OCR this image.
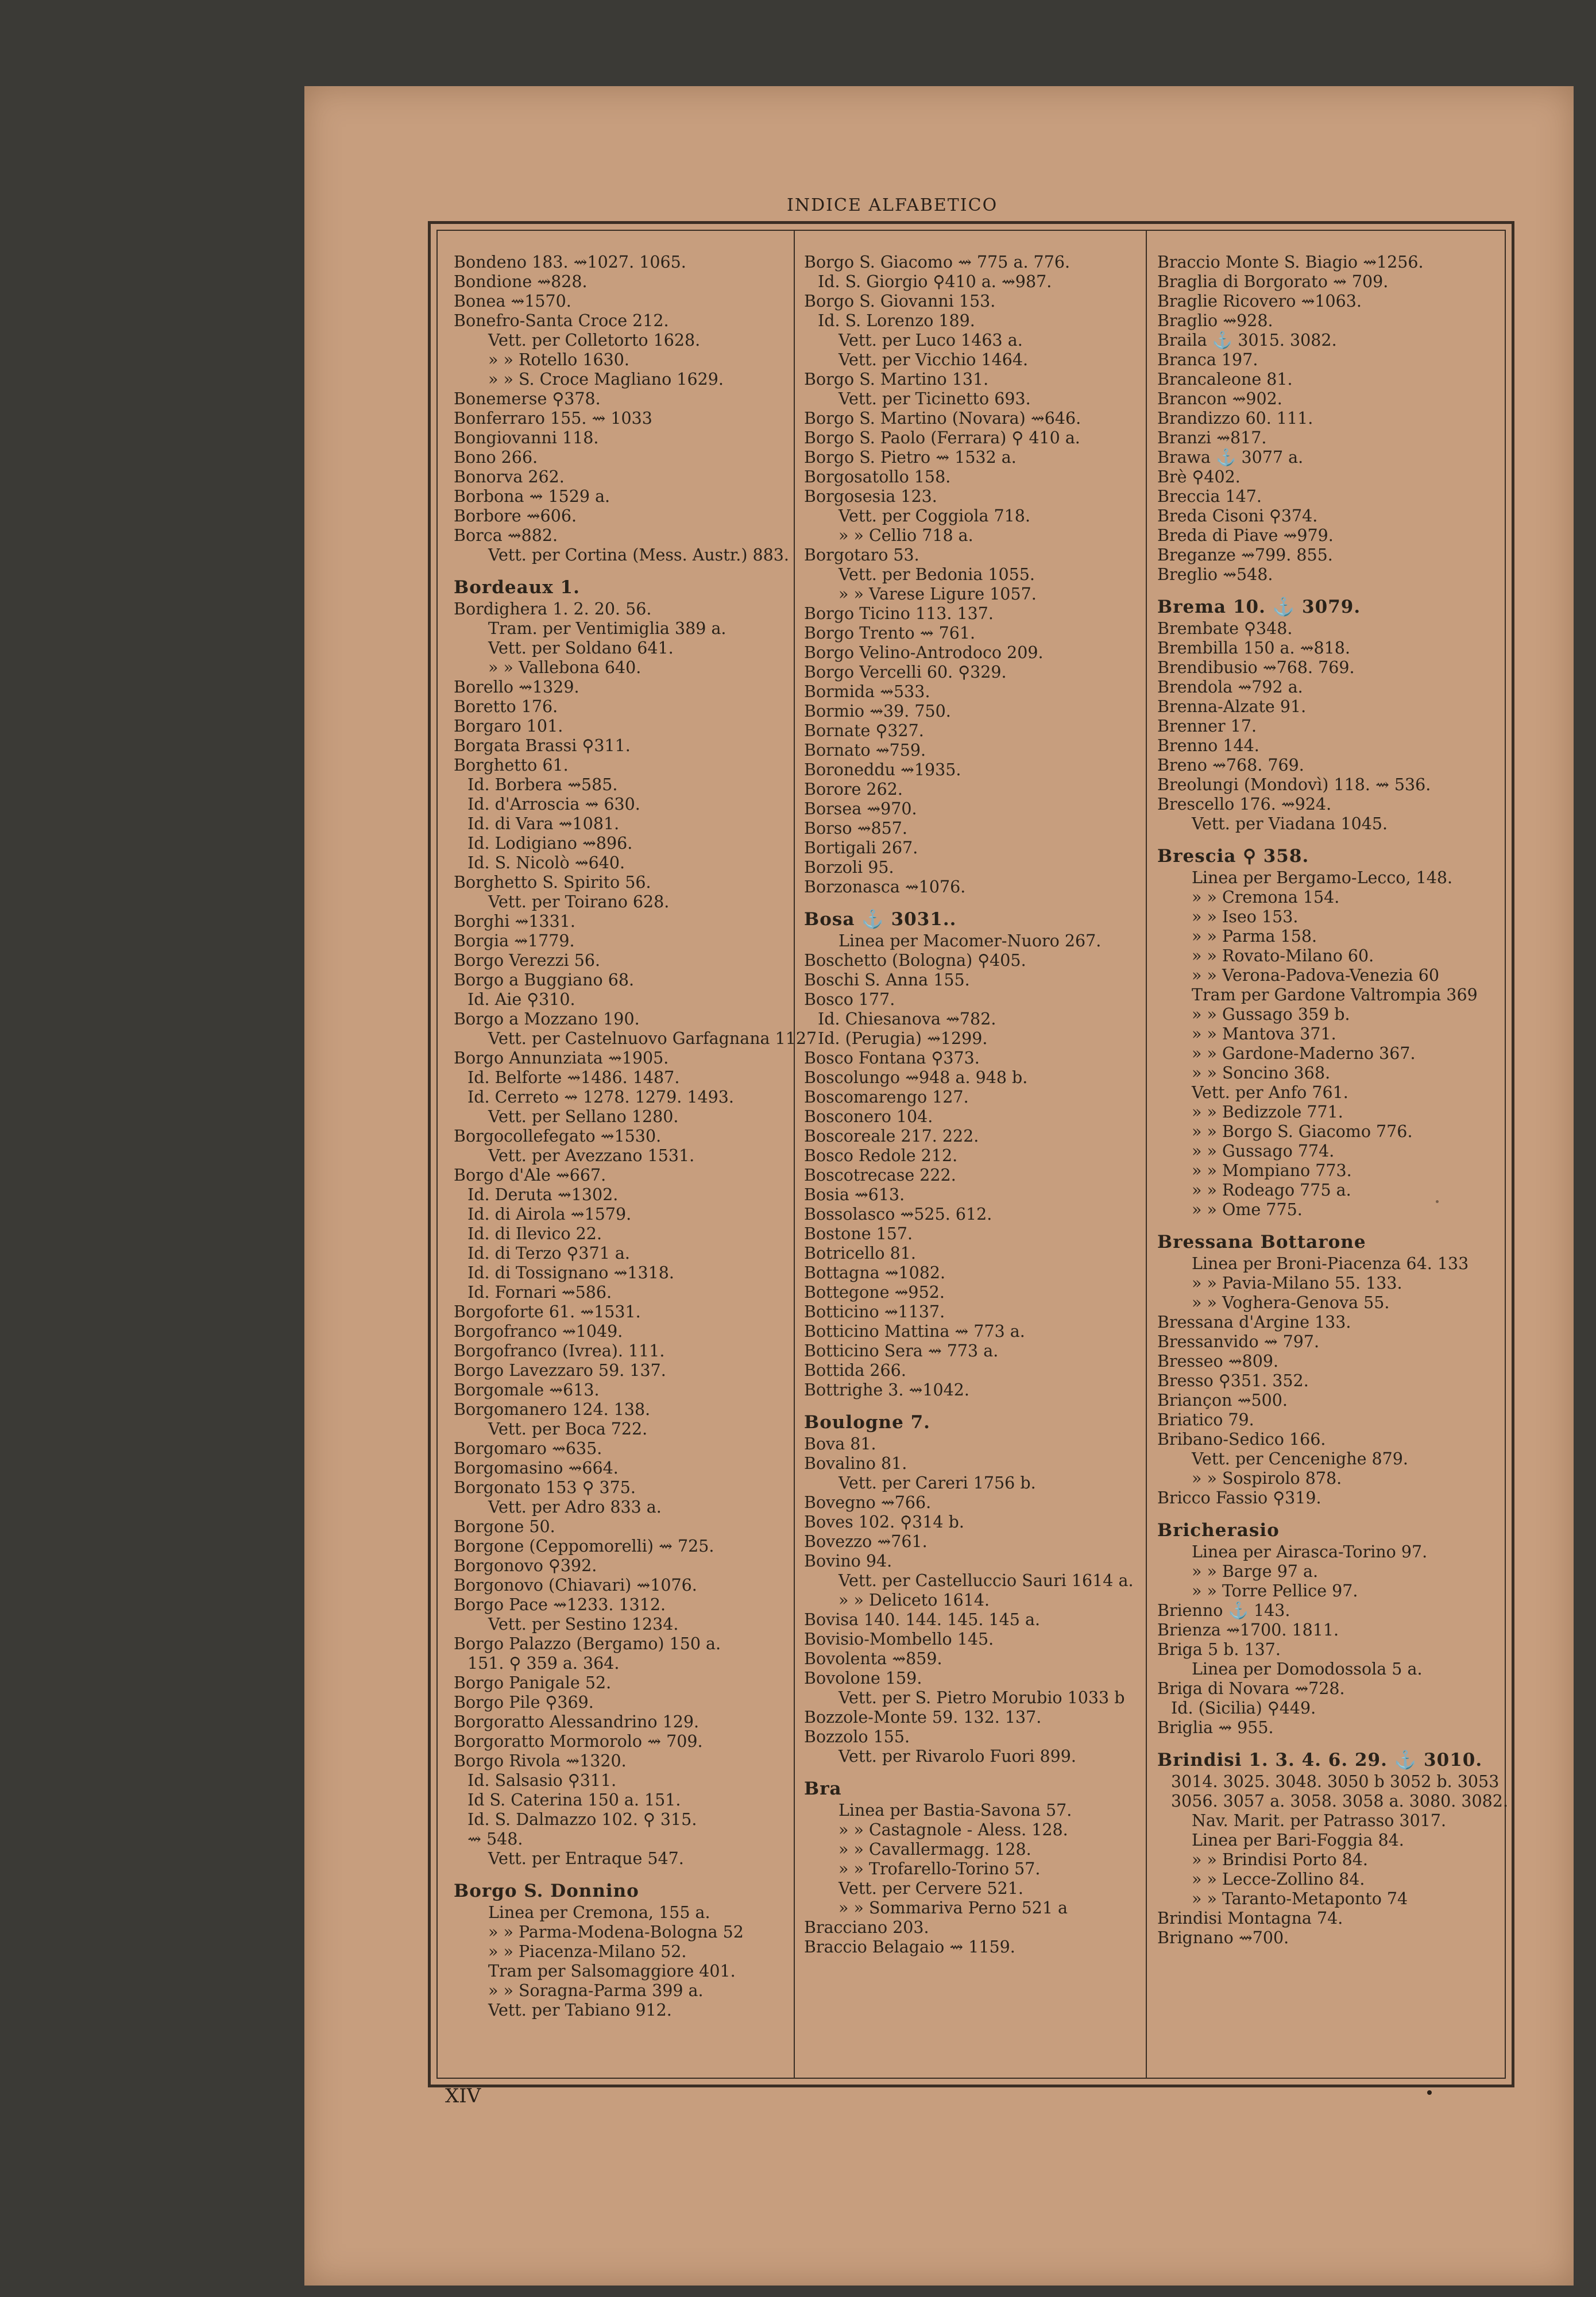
INDICE ALFABETICO
Bondeno 183. ⇝1027. 1065.
Bondione ⇝828.
Bonea ⇝1570.
Bonefro-Santa Croce 212.
Vett. per Colletorto 1628.
» » Rotello 1630.
» » S. Croce Magliano 1629.
Bonemerse ⚲378.
Bonferraro 155. ⇝ 1033
Bongiovanni 118.
Bono 266.
Bonorva 262.
Borbona ⇝ 1529 a.
Borbore ⇝606.
Borca ⇝882.
Vett. per Cortina (Mess. Austr.) 883.
Bordeaux 1.
Bordighera 1. 2. 20. 56.
Tram. per Ventimiglia 389 a.
Vett. per Soldano 641.
» » Vallebona 640.
Borello ⇝1329.
Boretto 176.
Borgaro 101.
Borgata Brassi ⚲311.
Borghetto 61.
Id. Borbera ⇝585.
Id. d'Arroscia ⇝ 630.
Id. di Vara ⇝1081.
Id. Lodigiano ⇝896.
Id. S. Nicolò ⇝640.
Borghetto S. Spirito 56.
Vett. per Toirano 628.
Borghi ⇝1331.
Borgia ⇝1779.
Borgo Verezzi 56.
Borgo a Buggiano 68.
Id. Aie ⚲310.
Borgo a Mozzano 190.
Vett. per Castelnuovo Garfagnana 1127
Borgo Annunziata ⇝1905.
Id. Belforte ⇝1486. 1487.
Id. Cerreto ⇝ 1278. 1279. 1493.
Vett. per Sellano 1280.
Borgocollefegato ⇝1530.
Vett. per Avezzano 1531.
Borgo d'Ale ⇝667.
Id. Deruta ⇝1302.
Id. di Airola ⇝1579.
Id. di Ilevico 22.
Id. di Terzo ⚲371 a.
Id. di Tossignano ⇝1318.
Id. Fornari ⇝586.
Borgoforte 61. ⇝1531.
Borgofranco ⇝1049.
Borgofranco (Ivrea). 111.
Borgo Lavezzaro 59. 137.
Borgomale ⇝613.
Borgomanero 124. 138.
Vett. per Boca 722.
Borgomaro ⇝635.
Borgomasino ⇝664.
Borgonato 153 ⚲ 375.
Vett. per Adro 833 a.
Borgone 50.
Borgone (Ceppomorelli) ⇝ 725.
Borgonovo ⚲392.
Borgonovo (Chiavari) ⇝1076.
Borgo Pace ⇝1233. 1312.
Vett. per Sestino 1234.
Borgo Palazzo (Bergamo) 150 a.
151. ⚲ 359 a. 364.
Borgo Panigale 52.
Borgo Pile ⚲369.
Borgoratto Alessandrino 129.
Borgoratto Mormorolo ⇝ 709.
Borgo Rivola ⇝1320.
Id. Salsasio ⚲311.
Id S. Caterina 150 a. 151.
Id. S. Dalmazzo 102. ⚲ 315.
⇝ 548.
Vett. per Entraque 547.
Borgo S. Donnino
Linea per Cremona, 155 a.
» » Parma-Modena-Bologna 52
» » Piacenza-Milano 52.
Tram per Salsomaggiore 401.
» » Soragna-Parma 399 a.
Vett. per Tabiano 912.
Borgo S. Giacomo ⇝ 775 a. 776.
Id. S. Giorgio ⚲410 a. ⇝987.
Borgo S. Giovanni 153.
Id. S. Lorenzo 189.
Vett. per Luco 1463 a.
Vett. per Vicchio 1464.
Borgo S. Martino 131.
Vett. per Ticinetto 693.
Borgo S. Martino (Novara) ⇝646.
Borgo S. Paolo (Ferrara) ⚲ 410 a.
Borgo S. Pietro ⇝ 1532 a.
Borgosatollo 158.
Borgosesia 123.
Vett. per Coggiola 718.
» » Cellio 718 a.
Borgotaro 53.
Vett. per Bedonia 1055.
» » Varese Ligure 1057.
Borgo Ticino 113. 137.
Borgo Trento ⇝ 761.
Borgo Velino-Antrodoco 209.
Borgo Vercelli 60. ⚲329.
Bormida ⇝533.
Bormio ⇝39. 750.
Bornate ⚲327.
Bornato ⇝759.
Boroneddu ⇝1935.
Borore 262.
Borsea ⇝970.
Borso ⇝857.
Bortigali 267.
Borzoli 95.
Borzonasca ⇝1076.
Bosa ⚓ 3031..
Linea per Macomer-Nuoro 267.
Boschetto (Bologna) ⚲405.
Boschi S. Anna 155.
Bosco 177.
Id. Chiesanova ⇝782.
Id. (Perugia) ⇝1299.
Bosco Fontana ⚲373.
Boscolungo ⇝948 a. 948 b.
Boscomarengo 127.
Bosconero 104.
Boscoreale 217. 222.
Bosco Redole 212.
Boscotrecase 222.
Bosia ⇝613.
Bossolasco ⇝525. 612.
Bostone 157.
Botricello 81.
Bottagna ⇝1082.
Bottegone ⇝952.
Botticino ⇝1137.
Botticino Mattina ⇝ 773 a.
Botticino Sera ⇝ 773 a.
Bottida 266.
Bottrighe 3. ⇝1042.
Boulogne 7.
Bova 81.
Bovalino 81.
Vett. per Careri 1756 b.
Bovegno ⇝766.
Boves 102. ⚲314 b.
Bovezzo ⇝761.
Bovino 94.
Vett. per Castelluccio Sauri 1614 a.
» » Deliceto 1614.
Bovisa 140. 144. 145. 145 a.
Bovisio-Mombello 145.
Bovolenta ⇝859.
Bovolone 159.
Vett. per S. Pietro Morubio 1033 b
Bozzole-Monte 59. 132. 137.
Bozzolo 155.
Vett. per Rivarolo Fuori 899.
Bra
Linea per Bastia-Savona 57.
» » Castagnole - Aless. 128.
» » Cavallermagg. 128.
» » Trofarello-Torino 57.
Vett. per Cervere 521.
» » Sommariva Perno 521 a
Bracciano 203.
Braccio Belagaio ⇝ 1159.
Braccio Monte S. Biagio ⇝1256.
Braglia di Borgorato ⇝ 709.
Braglie Ricovero ⇝1063.
Braglio ⇝928.
Braila ⚓ 3015. 3082.
Branca 197.
Brancaleone 81.
Brancon ⇝902.
Brandizzo 60. 111.
Branzi ⇝817.
Brawa ⚓ 3077 a.
Brè ⚲402.
Breccia 147.
Breda Cisoni ⚲374.
Breda di Piave ⇝979.
Breganze ⇝799. 855.
Breglio ⇝548.
Brema 10. ⚓ 3079.
Brembate ⚲348.
Brembilla 150 a. ⇝818.
Brendibusio ⇝768. 769.
Brendola ⇝792 a.
Brenna-Alzate 91.
Brenner 17.
Brenno 144.
Breno ⇝768. 769.
Breolungi (Mondovì) 118. ⇝ 536.
Brescello 176. ⇝924.
Vett. per Viadana 1045.
Brescia ⚲ 358.
Linea per Bergamo-Lecco, 148.
» » Cremona 154.
» » Iseo 153.
» » Parma 158.
» » Rovato-Milano 60.
» » Verona-Padova-Venezia 60
Tram per Gardone Valtrompia 369
» » Gussago 359 b.
» » Mantova 371.
» » Gardone-Maderno 367.
» » Soncino 368.
Vett. per Anfo 761.
» » Bedizzole 771.
» » Borgo S. Giacomo 776.
» » Gussago 774.
» » Mompiano 773.
» » Rodeago 775 a.
» » Ome 775.
Bressana Bottarone
Linea per Broni-Piacenza 64. 133
» » Pavia-Milano 55. 133.
» » Voghera-Genova 55.
Bressana d'Argine 133.
Bressanvido ⇝ 797.
Bresseo ⇝809.
Bresso ⚲351. 352.
Briançon ⇝500.
Briatico 79.
Bribano-Sedico 166.
Vett. per Cencenighe 879.
» » Sospirolo 878.
Bricco Fassio ⚲319.
Bricherasio
Linea per Airasca-Torino 97.
» » Barge 97 a.
» » Torre Pellice 97.
Brienno ⚓ 143.
Brienza ⇝1700. 1811.
Briga 5 b. 137.
Linea per Domodossola 5 a.
Briga di Novara ⇝728.
Id. (Sicilia) ⚲449.
Briglia ⇝ 955.
Brindisi 1. 3. 4. 6. 29. ⚓ 3010.
3014. 3025. 3048. 3050 b 3052 b. 3053
3056. 3057 a. 3058. 3058 a. 3080. 3082.
Nav. Marit. per Patrasso 3017.
Linea per Bari-Foggia 84.
» » Brindisi Porto 84.
» » Lecce-Zollino 84.
» » Taranto-Metaponto 74
Brindisi Montagna 74.
Brignano ⇝700.
XIV
